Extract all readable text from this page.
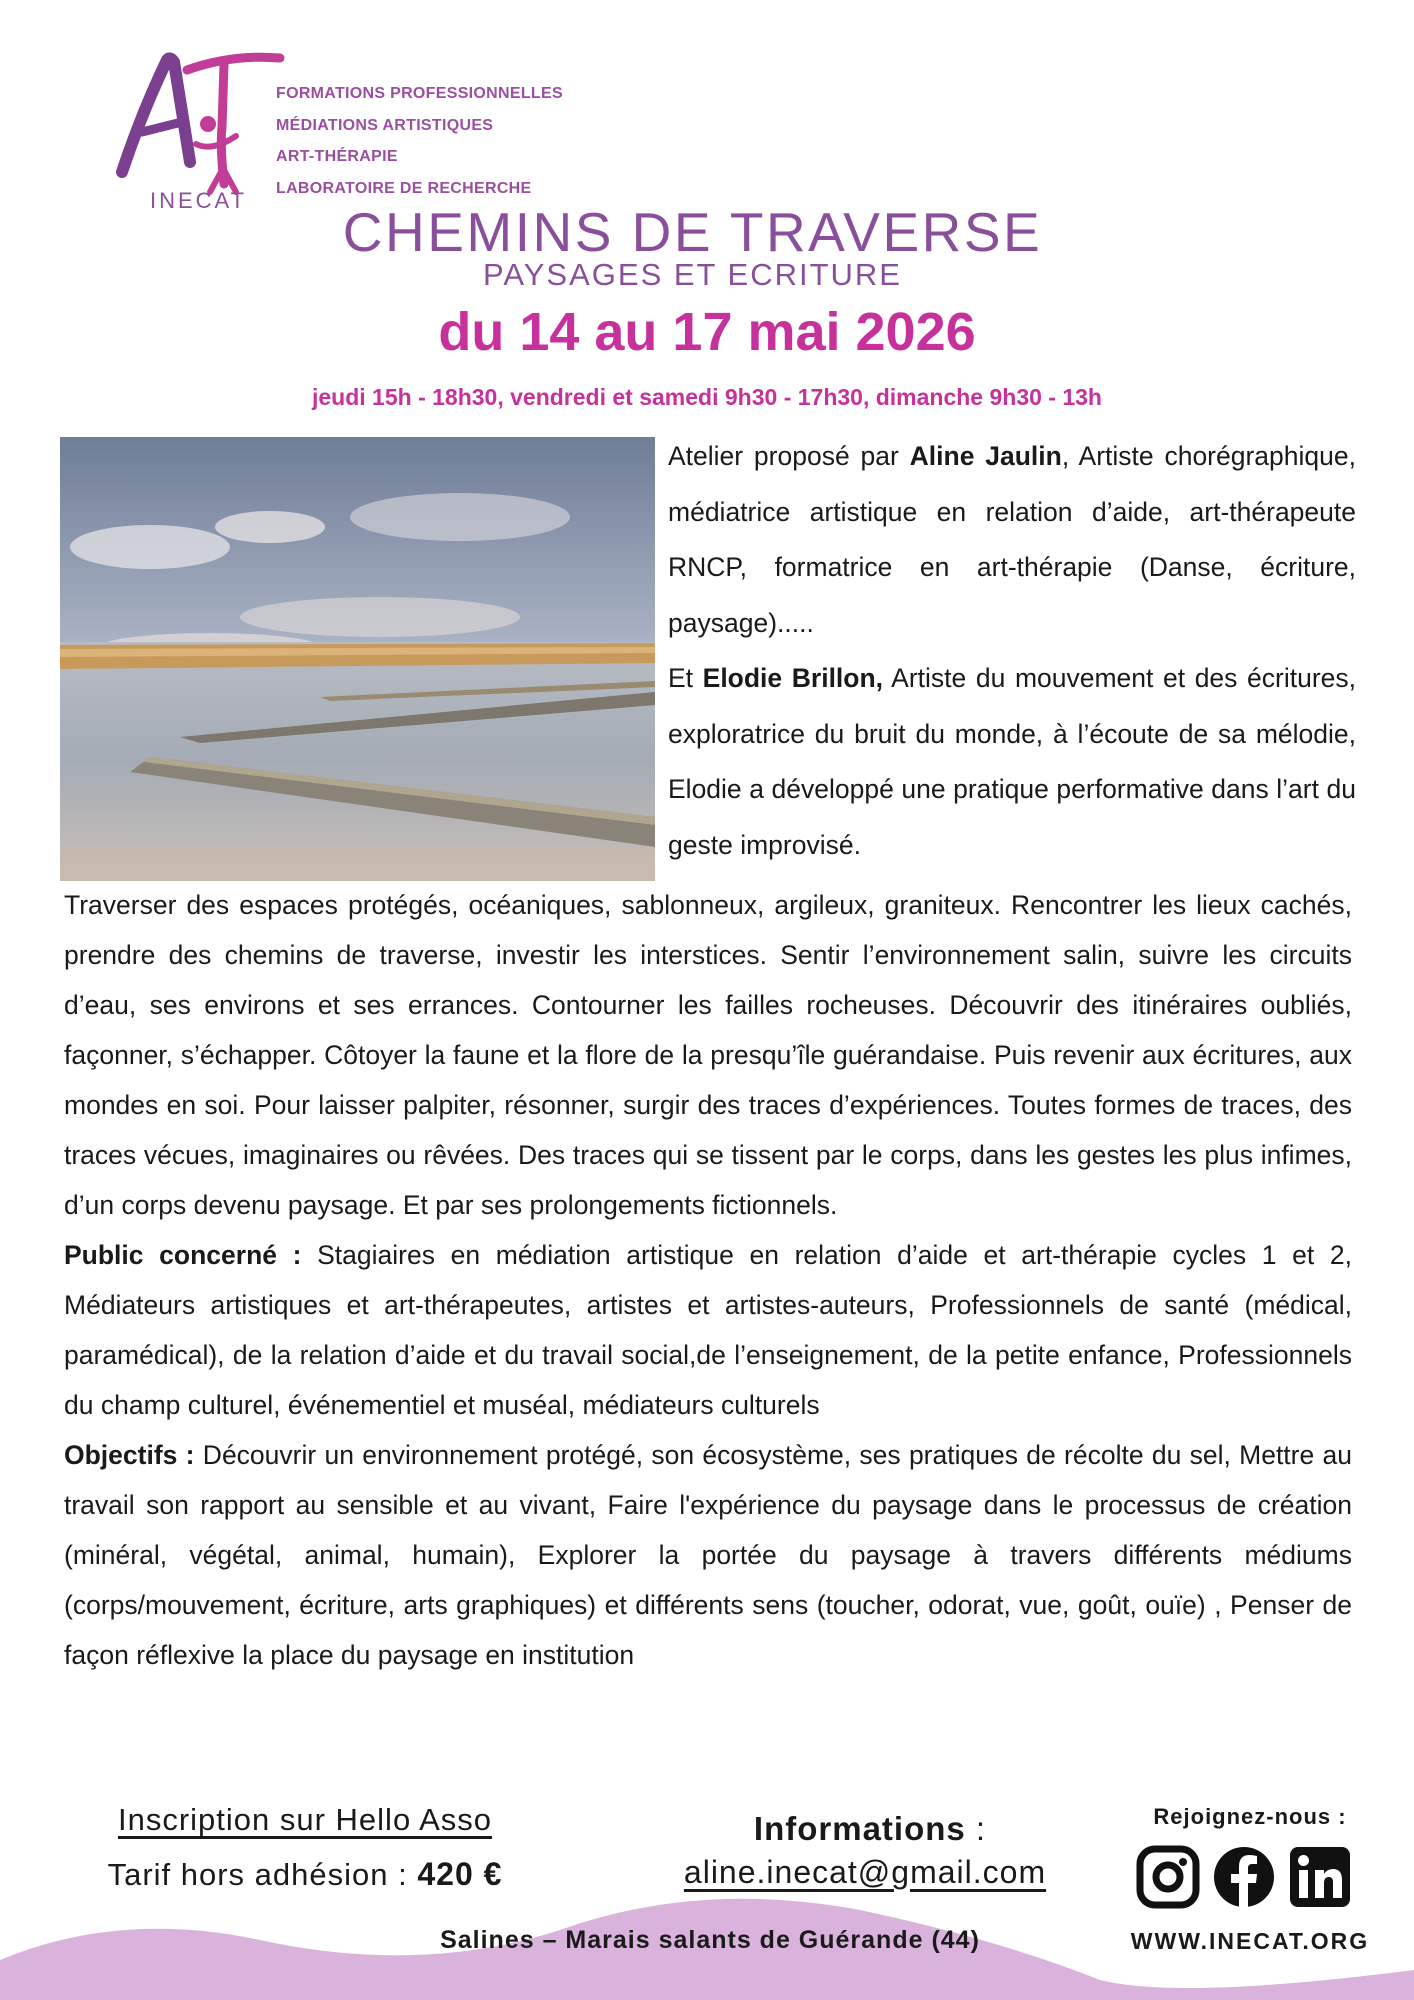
INECAT
FORMATIONS PROFESSIONNELLES
MÉDIATIONS ARTISTIQUES
ART-THÉRAPIE
LABORATOIRE DE RECHERCHE
CHEMINS DE TRAVERSE
PAYSAGES ET ECRITURE
du 14 au 17 mai 2026
jeudi 15h - 18h30, vendredi et samedi 9h30 - 17h30, dimanche 9h30 - 13h

Atelier proposé par Aline Jaulin, Artiste chorégraphique, médiatrice artistique en relation d’aide, art-thérapeute RNCP, formatrice en art-thérapie (Danse, écriture, paysage).....

Et Elodie Brillon, Artiste du mouvement et des écritures, exploratrice du bruit du monde, à l’écoute de sa mélodie, Elodie a développé une pratique performative dans l’art du geste improvisé.

Traverser des espaces protégés, océaniques, sablonneux, argileux, graniteux. Rencontrer les lieux cachés, prendre des chemins de traverse, investir les interstices. Sentir l’environnement salin, suivre les circuits d’eau, ses environs et ses errances. Contourner les failles rocheuses. Découvrir des itinéraires oubliés, façonner, s’échapper. Côtoyer la faune et la flore de la presqu’île guérandaise. Puis revenir aux écritures, aux mondes en soi. Pour laisser palpiter, résonner, surgir des traces d’expériences. Toutes formes de traces, des traces vécues, imaginaires ou rêvées. Des traces qui se tissent par le corps, dans les gestes les plus infimes, d’un corps devenu paysage. Et par ses prolongements fictionnels.

Public concerné : Stagiaires en médiation artistique en relation d’aide et art-thérapie cycles 1 et 2, Médiateurs artistiques et art-thérapeutes, artistes et artistes-auteurs, Professionnels de santé (médical, paramédical), de la relation d’aide et du travail social,de l’enseignement, de la petite enfance, Professionnels du champ culturel, événementiel et muséal, médiateurs culturels

Objectifs : Découvrir un environnement protégé, son écosystème, ses pratiques de récolte du sel, Mettre au travail son rapport au sensible et au vivant, Faire l'expérience du paysage dans le processus de création (minéral, végétal, animal, humain), Explorer la portée du paysage à travers différents médiums (corps/mouvement, écriture, arts graphiques) et différents sens (toucher, odorat, vue, goût, ouïe) , Penser de façon réflexive la place du paysage en institution

Inscription sur Hello Asso
Tarif hors adhésion : 420 €
Informations :
aline.inecat@gmail.com
Salines – Marais salants de Guérande (44)
Rejoignez-nous :
WWW.INECAT.ORG
